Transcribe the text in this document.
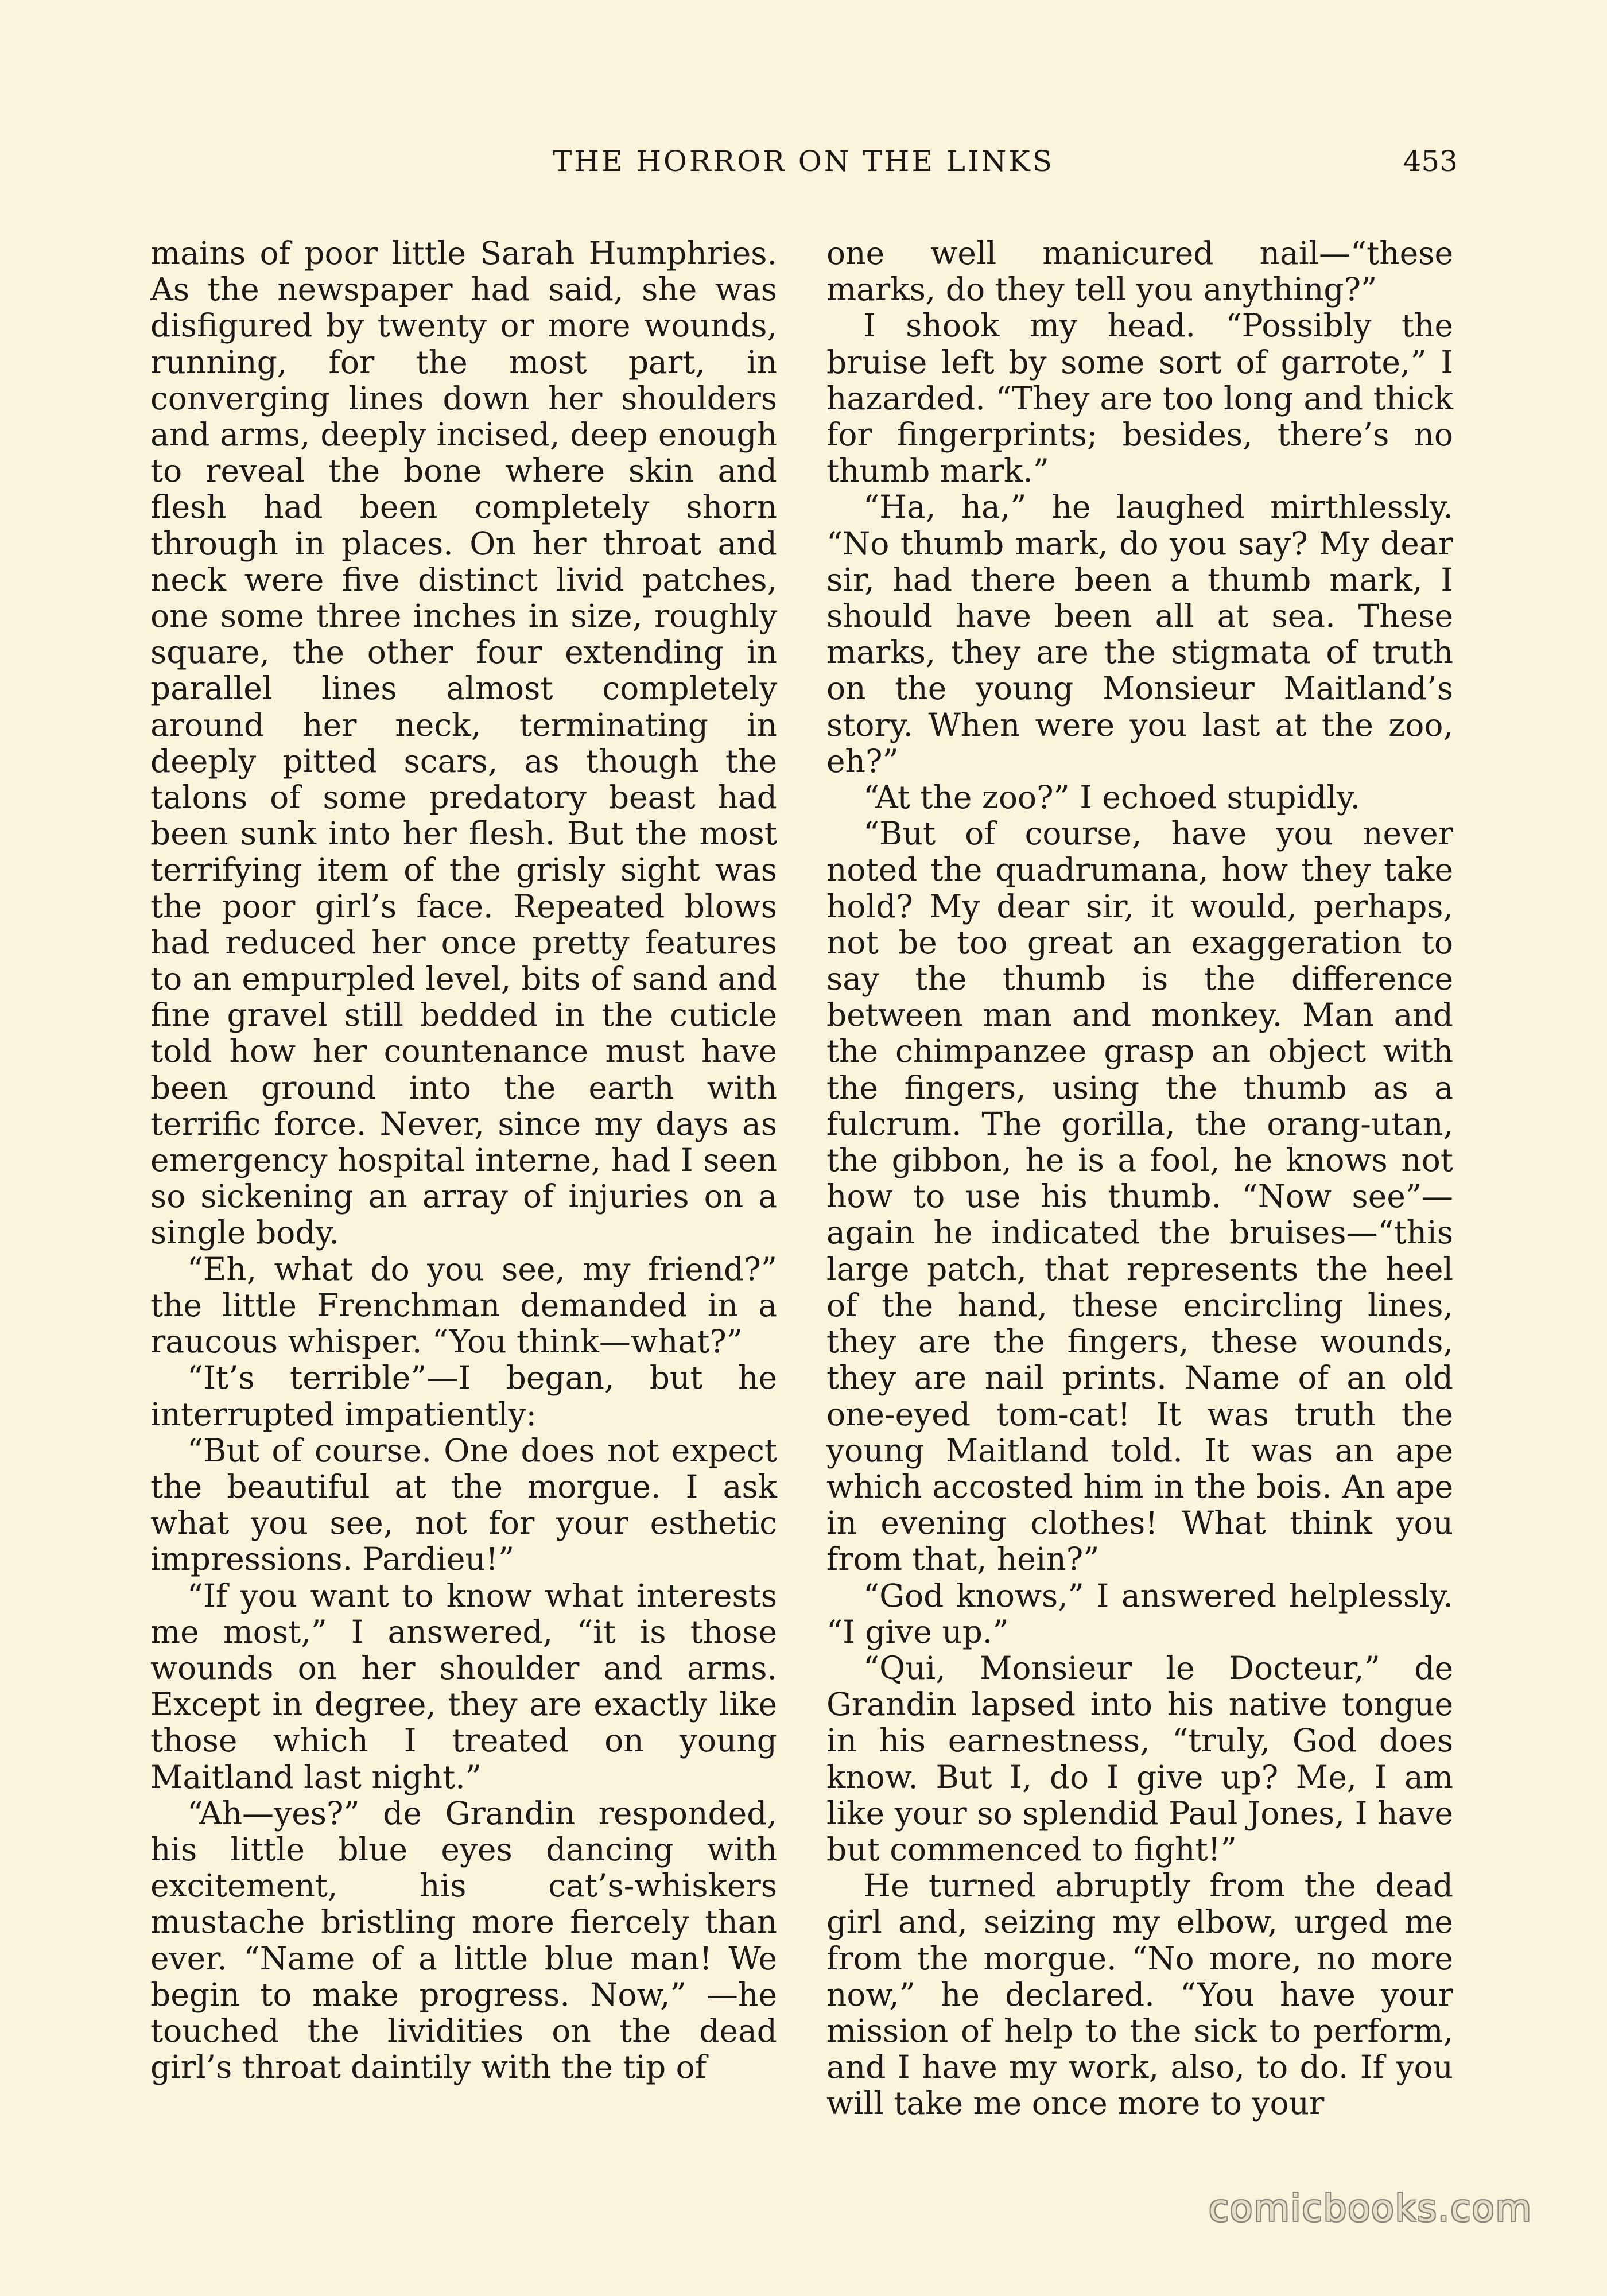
THE HORROR ON THE LINKS	453

mains of poor little Sarah Humphries. As the newspaper had said, she was disfigured by twenty or more wounds, running, for the most part, in converging lines down her shoulders and arms, deeply incised, deep enough to reveal the bone where skin and flesh had been completely shorn through in places. On her throat and neck were five distinct livid patches, one some three inches in size, roughly square, the other four extending in parallel lines almost completely around her neck, terminating in deeply pitted scars, as though the talons of some predatory beast had been sunk into her flesh. But the most terrifying item of the grisly sight was the poor girl’s face. Repeated blows had reduced her once pretty features to an empurpled level, bits of sand and fine gravel still bedded in the cuticle told how her countenance must have been ground into the earth with terrific force. Never, since my days as emergency hospital interne, had I seen so sickening an array of injuries on a single body.

“Eh, what do you see, my friend?” the little Frenchman demanded in a raucous whisper. “You think—what?”

“It’s terrible”—I began, but he interrupted impatiently:

“But of course. One does not expect the beautiful at the morgue. I ask what you see, not for your esthetic impressions. Pardieu!”

“If you want to know what interests me most,” I answered, “it is those wounds on her shoulder and arms. Except in degree, they are exactly like those which I treated on young Maitland last night.”

“Ah—yes?” de Grandin responded, his little blue eyes dancing with excitement, his cat’s-whiskers mustache bristling more fiercely than ever. “Name of a little blue man! We begin to make progress. Now,” —he touched the lividities on the dead girl’s throat daintily with the tip of

one well manicured nail—“these marks, do they tell you anything?”

I shook my head. “Possibly the bruise left by some sort of garrote,” I hazarded. “They are too long and thick for fingerprints; besides, there’s no thumb mark.”

“Ha, ha,” he laughed mirthlessly. “No thumb mark, do you say? My dear sir, had there been a thumb mark, I should have been all at sea. These marks, they are the stigmata of truth on the young Monsieur Maitland’s story. When were you last at the zoo, eh?”

“At the zoo?” I echoed stupidly.

“But of course, have you never noted the quadrumana, how they take hold? My dear sir, it would, perhaps, not be too great an exaggeration to say the thumb is the difference between man and monkey. Man and the chimpanzee grasp an object with the fingers, using the thumb as a fulcrum. The gorilla, the orang-utan, the gibbon, he is a fool, he knows not how to use his thumb. “Now see”—again he indicated the bruises—“this large patch, that represents the heel of the hand, these encircling lines, they are the fingers, these wounds, they are nail prints. Name of an old one-eyed tom-cat! It was truth the young Maitland told. It was an ape which accosted him in the bois. An ape in evening clothes! What think you from that, hein?”

“God knows,” I answered helplessly. “I give up.”

“Qui, Monsieur le Docteur,” de Grandin lapsed into his native tongue in his earnestness, “truly, God does know. But I, do I give up? Me, I am like your so splendid Paul Jones, I have but commenced to fight!”

He turned abruptly from the dead girl and, seizing my elbow, urged me from the morgue. “No more, no more now,” he declared. “You have your mission of help to the sick to perform, and I have my work, also, to do. If you will take me once more to your

comicbooks.com
